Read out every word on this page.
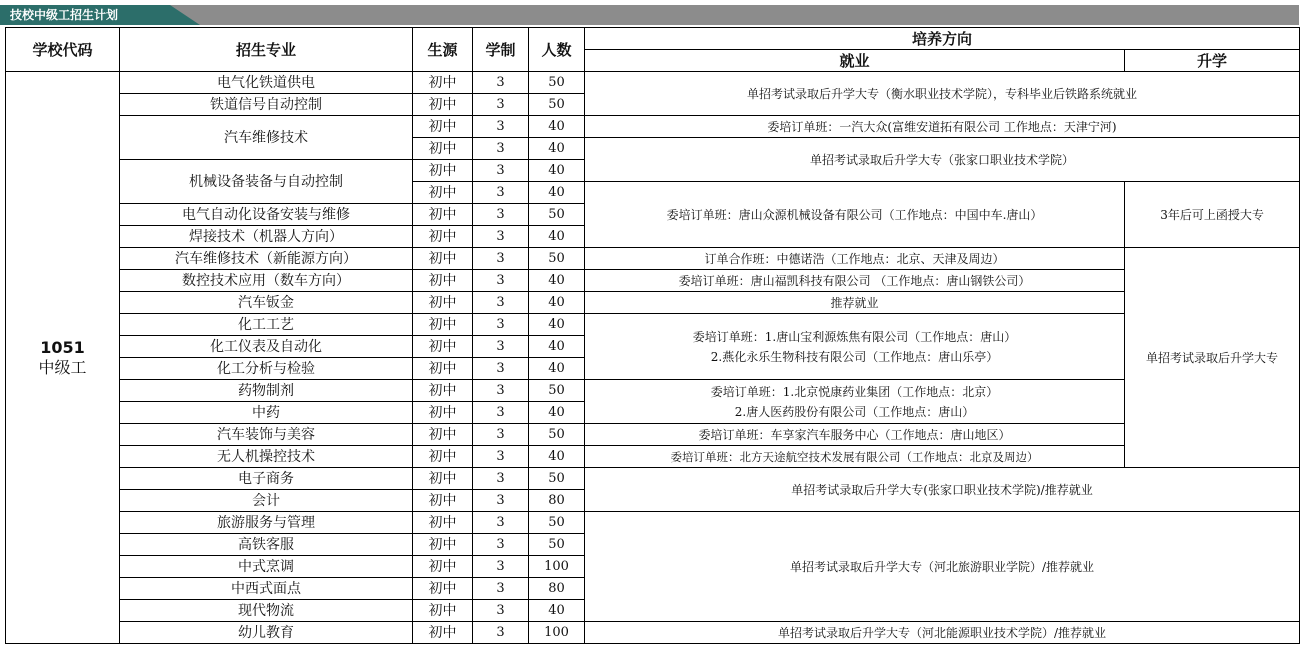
技校中级工招生计划
学校代码	招生专业	生源	学制	人数	培养方向	
					就业	升学

1051
中级工	电气化铁道供电	初中	3	50	单招考试录取后升学大专（衡水职业技术学院），专科毕业后铁路系统就业	
	铁道信号自动控制	初中	3	50		
	汽车维修技术	初中	3	40	委培订单班：一汽大众(富维安道拓有限公司 工作地点：天津宁河)	
		初中	3	40	单招考试录取后升学大专（张家口职业技术学院）	
	机械设备装备与自动控制	初中	3	40		
		初中	3	40	委培订单班：唐山众源机械设备有限公司（工作地点：中国中车.唐山）	3年后可上函授大专
	电气自动化设备安装与维修	初中	3	50		
	焊接技术（机器人方向）	初中	3	40		
	汽车维修技术（新能源方向）	初中	3	50	订单合作班：中德诺浩（工作地点：北京、天津及周边）	单招考试录取后升学大专
	数控技术应用（数车方向）	初中	3	40	委培订单班：唐山福凯科技有限公司 （工作地点：唐山钢铁公司）	
	汽车钣金	初中	3	40	推荐就业	
	化工工艺	初中	3	40	委培订单班：1.唐山宝利源炼焦有限公司（工作地点：唐山）
2.燕化永乐生物科技有限公司（工作地点：唐山乐亭）	

	化工仪表及自动化	初中	3	40		
	化工分析与检验	初中	3	40		
	药物制剂	初中	3	50	委培订单班：1.北京悦康药业集团（工作地点：北京）
2.唐人医药股份有限公司（工作地点：唐山）	

	中药	初中	3	40		
	汽车装饰与美容	初中	3	50	委培订单班：车享家汽车服务中心（工作地点：唐山地区）	
	无人机操控技术	初中	3	40	委培订单班：北方天途航空技术发展有限公司（工作地点：北京及周边）	
	电子商务	初中	3	50	单招考试录取后升学大专(张家口职业技术学院)/推荐就业	
	会计	初中	3	80		
	旅游服务与管理	初中	3	50	单招考试录取后升学大专（河北旅游职业学院）/推荐就业	
	高铁客服	初中	3	50		
	中式烹调	初中	3	100		
	中西式面点	初中	3	80		
	现代物流	初中	3	40		
	幼儿教育	初中	3	100	单招考试录取后升学大专（河北能源职业技术学院）/推荐就业	
